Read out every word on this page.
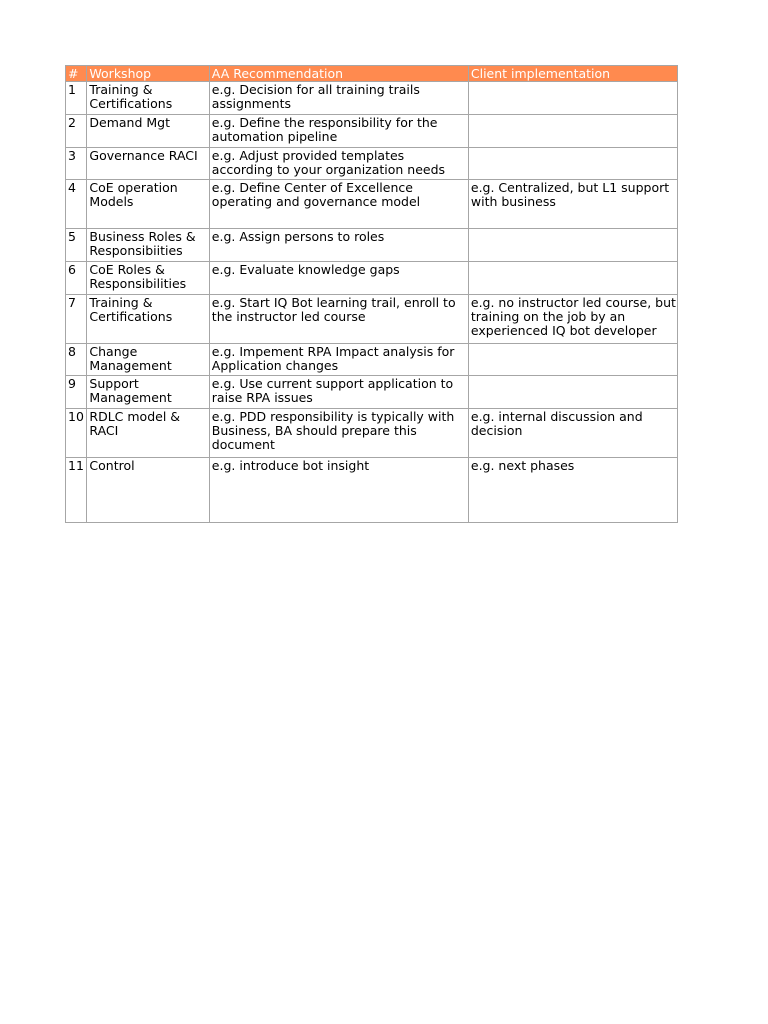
#	Workshop	AA Recommendation	Client implementation
1	Training & Certifications	e.g. Decision for all training trails assignments	
2	Demand Mgt	e.g. Define the responsibility for the automation pipeline	
3	Governance RACI	e.g. Adjust provided templates according to your organization needs	
4	CoE operation Models	e.g. Define Center of Excellence operating and governance model	e.g. Centralized, but L1 support with business
5	Business Roles & Responsibiities	e.g. Assign persons to roles	
6	CoE Roles & Responsibilities	e.g. Evaluate knowledge gaps	
7	Training & Certifications	e.g. Start IQ Bot learning trail, enroll to the instructor led course	e.g. no instructor led course, but training on the job by an experienced IQ bot developer
8	Change Management	e.g. Impement RPA Impact analysis for Application changes	
9	Support Management	e.g. Use current support application to raise RPA issues	
10	RDLC model & RACI	e.g. PDD responsibility is typically with Business, BA should prepare this document	e.g. internal discussion and decision
11	Control	e.g. introduce bot insight	e.g. next phases
